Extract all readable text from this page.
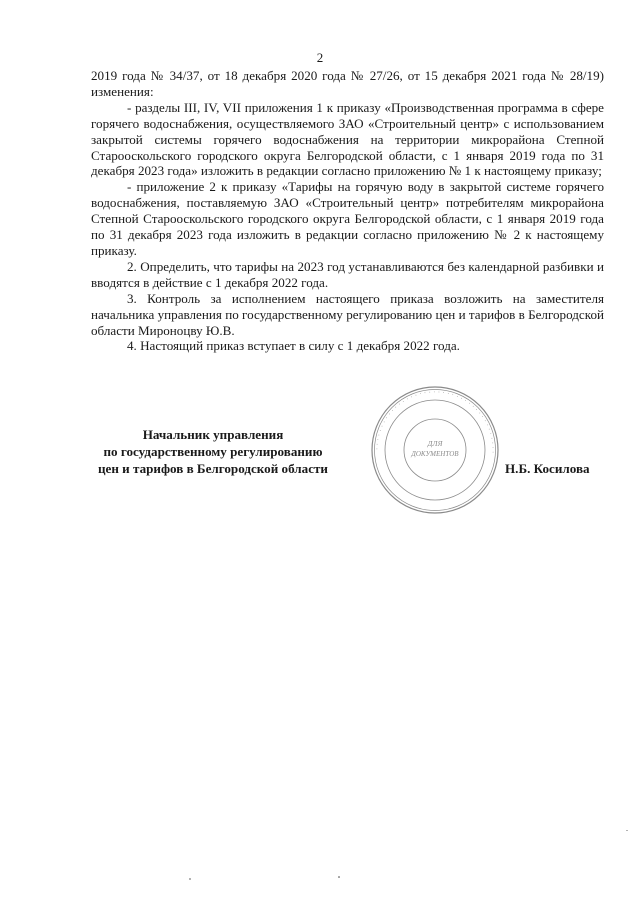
2

2019 года № 34/37, от 18 декабря 2020 года № 27/26, от 15 декабря 2021 года № 28/19) изменения:

- разделы III, IV, VII приложения 1 к приказу «Производственная программа в сфере горячего водоснабжения, осуществляемого ЗАО «Строительный центр» с использованием закрытой системы горячего водоснабжения на территории микрорайона Степной Старооскольского городского округа Белгородской области, с 1 января 2019 года по 31 декабря 2023 года» изложить в редакции согласно приложению № 1 к настоящему приказу;

- приложение 2 к приказу «Тарифы на горячую воду в закрытой системе горячего водоснабжения, поставляемую ЗАО «Строительный центр» потребителям микрорайона Степной Старооскольского городского округа Белгородской области, с 1 января 2019 года по 31 декабря 2023 года изложить в редакции согласно приложению № 2 к настоящему приказу.

2. Определить, что тарифы на 2023 год устанавливаются без календарной разбивки и вводятся в действие с 1 декабря 2022 года.

3. Контроль за исполнением настоящего приказа возложить на заместителя начальника управления по государственному регулированию цен и тарифов в Белгородской области Мироноцву Ю.В.

4. Настоящий приказ вступает в силу с 1 декабря 2022 года.

· · · · · · · · · · · · · · · · · · · · · · · · · · · · · · · · · · · · · · · ·
ДЛЯ
ДОКУМЕНТОВ
Начальник управления
по государственному регулированию
цен и тарифов в Белгородской области	Н.Б. Косилова
